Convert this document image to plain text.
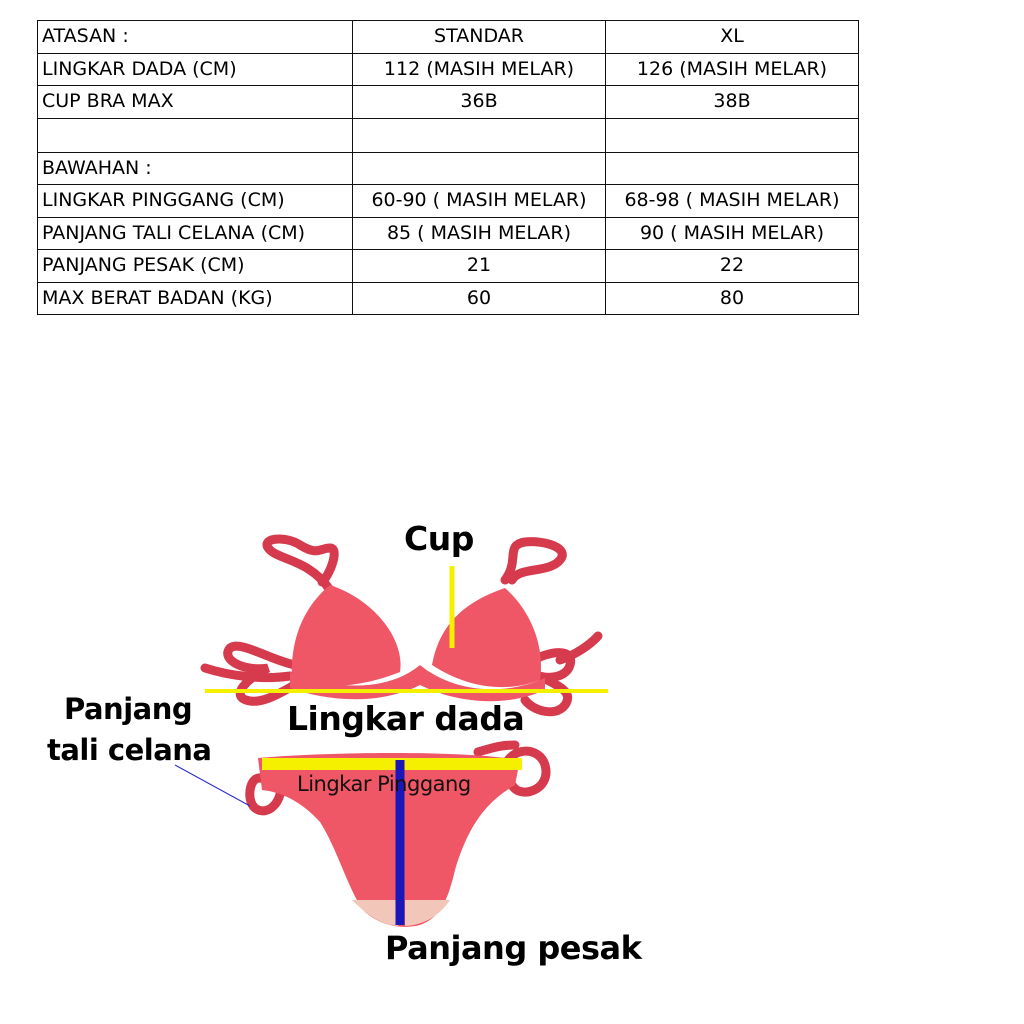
ATASAN :	STANDAR	XL
LINGKAR DADA (CM)	112 (MASIH MELAR)	126 (MASIH MELAR)
CUP BRA MAX	36B	38B

BAWAHAN :		
LINGKAR PINGGANG (CM)	60-90 ( MASIH MELAR)	68-98 ( MASIH MELAR)
PANJANG TALI CELANA (CM)	85 ( MASIH MELAR)	90 ( MASIH MELAR)
PANJANG PESAK (CM)	21	22
MAX BERAT BADAN (KG)	60	80
Cup
Lingkar dada
Panjang
tali celana
Lingkar Pinggang
Panjang pesak
